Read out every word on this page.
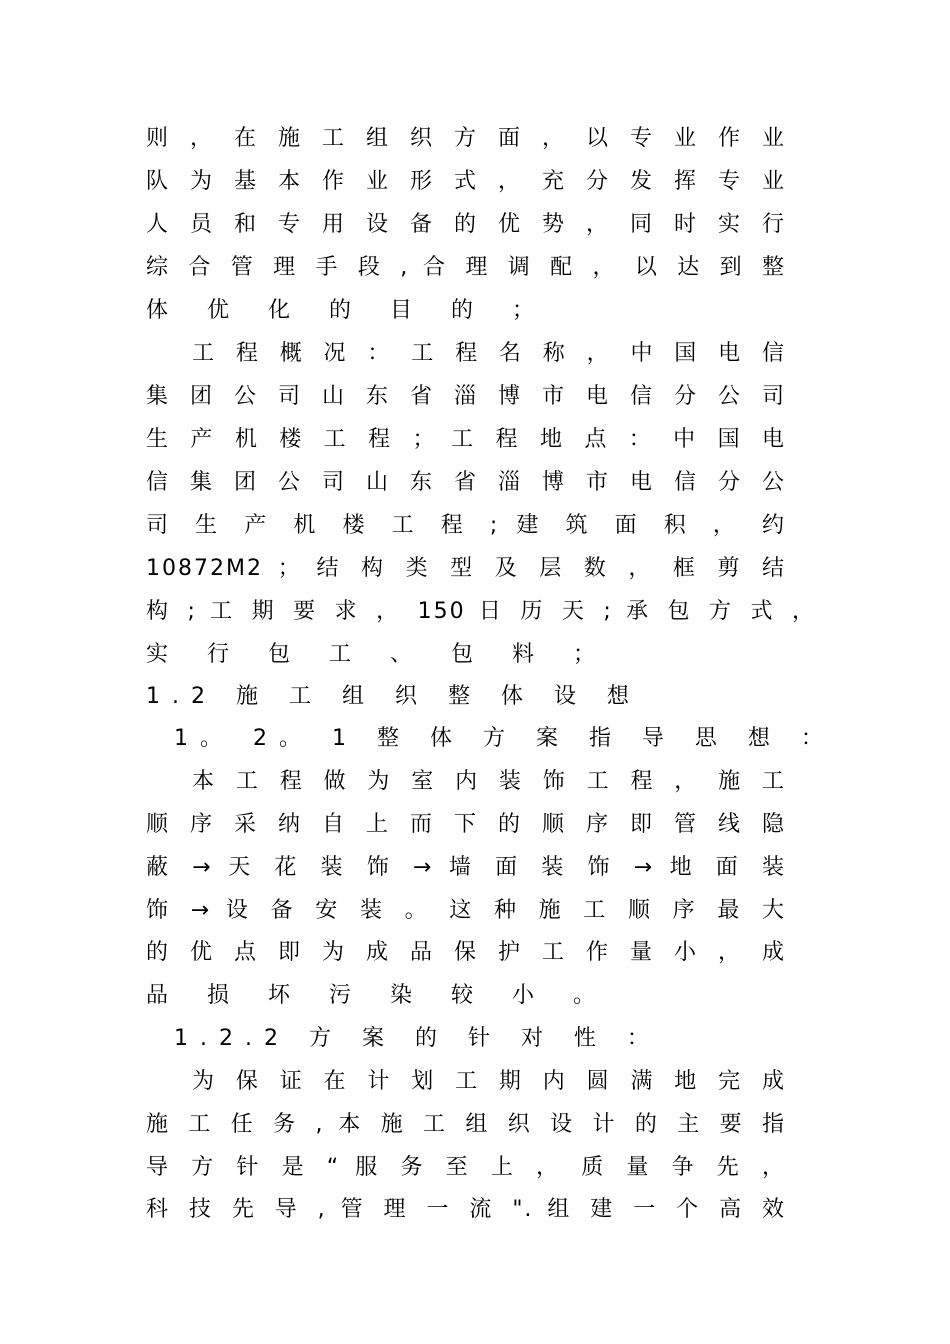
则 ， 在 施 工 组 织 方 面 ， 以 专 业 作 业
队 为 基 本 作 业 形 式 ， 充 分 发 挥 专 业
人 员 和 专 用 设 备 的 优 势 ， 同 时 实 行
综 合 管 理 手 段 , 合 理 调 配 ， 以 达 到 整
体 优 化 的 目 的 ；
工 程 概 况 ： 工 程 名 称 ， 中 国 电 信
集 团 公 司 山 东 省 淄 博 市 电 信 分 公 司
生 产 机 楼 工 程 ； 工 程 地 点 ： 中 国 电
信 集 团 公 司 山 东 省 淄 博 市 电 信 分 公
司 生 产 机 楼 工 程 ; 建 筑 面 积 ， 约
10872M2 ； 结 构 类 型 及 层 数 ， 框 剪 结
构 ; 工 期 要 求 ， 150 日 历 天 ; 承 包 方 式 ，
实 行 包 工 、 包 料 ；
1.2 施 工 组 织 整 体 设 想
1。 2。 1 整 体 方 案 指 导 思 想 ：
本 工 程 做 为 室 内 装 饰 工 程 ， 施 工
顺 序 采 纳 自 上 而 下 的 顺 序 即 管 线 隐
蔽 → 天 花 装 饰 → 墙 面 装 饰 → 地 面 装
饰 → 设 备 安 装 。 这 种 施 工 顺 序 最 大
的 优 点 即 为 成 品 保 护 工 作 量 小 ， 成
品 损 坏 污 染 较 小 。
1.2.2 方 案 的 针 对 性 ：
为 保 证 在 计 划 工 期 内 圆 满 地 完 成
施 工 任 务 , 本 施 工 组 织 设 计 的 主 要 指
导 方 针 是 “ 服 务 至 上 ， 质 量 争 先 ，
科 技 先 导 , 管 理 一 流 ". 组 建 一 个 高 效
